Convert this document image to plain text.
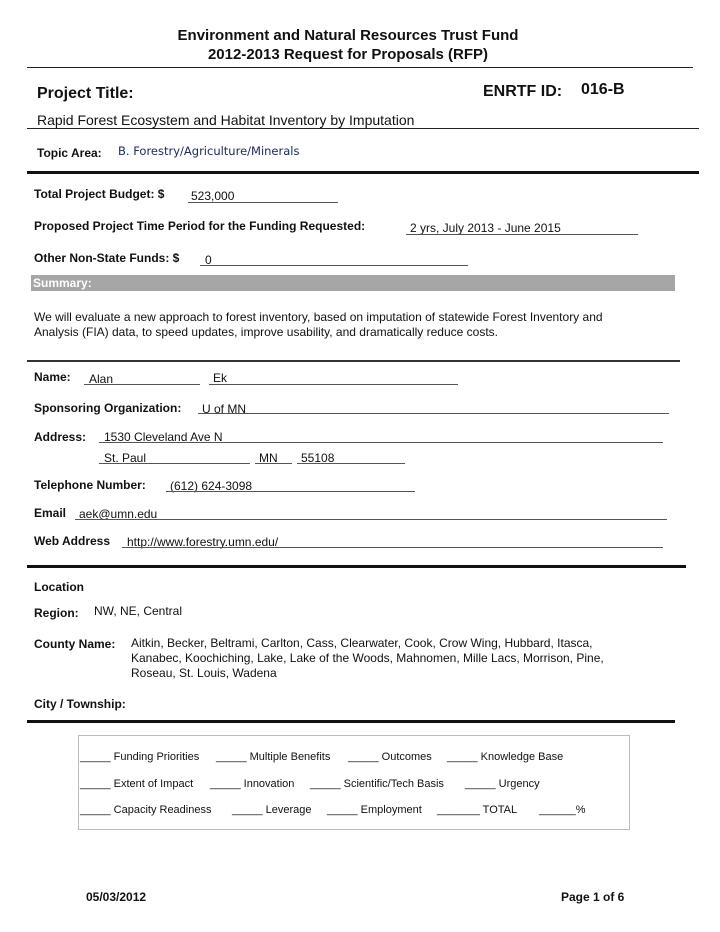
Environment and Natural Resources Trust Fund
2012-2013 Request for Proposals (RFP)
Project Title:	ENRTF ID: 016-B
Rapid Forest Ecosystem and Habitat Inventory by Imputation
Topic Area: B. Forestry/Agriculture/Minerals
Total Project Budget: $ 523,000
Proposed Project Time Period for the Funding Requested:	2 yrs, July 2013 - June 2015
Other Non-State Funds: $ 0
Summary:
We will evaluate a new approach to forest inventory, based on imputation of statewide Forest Inventory and
Analysis (FIA) data, to speed updates, improve usability, and dramatically reduce costs.
Name: Alan	Ek
Sponsoring Organization: U of MN
Address: 1530 Cleveland Ave N
St. Paul	MN 55108
Telephone Number: (612) 624-3098
Email aek@umn.edu
Web Address http://www.forestry.umn.edu/
Location
Region: NW, NE, Central
County Name: Aitkin, Becker, Beltrami, Carlton, Cass, Clearwater, Cook, Crow Wing, Hubbard, Itasca,
Kanabec, Koochiching, Lake, Lake of the Woods, Mahnomen, Mille Lacs, Morrison, Pine,
Roseau, St. Louis, Wadena
City / Township:
_____ Funding Priorities _____ Multiple Benefits _____ Outcomes _____ Knowledge Base
_____ Extent of Impact _____ Innovation _____ Scientific/Tech Basis _____ Urgency
_____ Capacity Readiness _____ Leverage _____ Employment _______ TOTAL ______%
05/03/2012	Page 1 of 6
